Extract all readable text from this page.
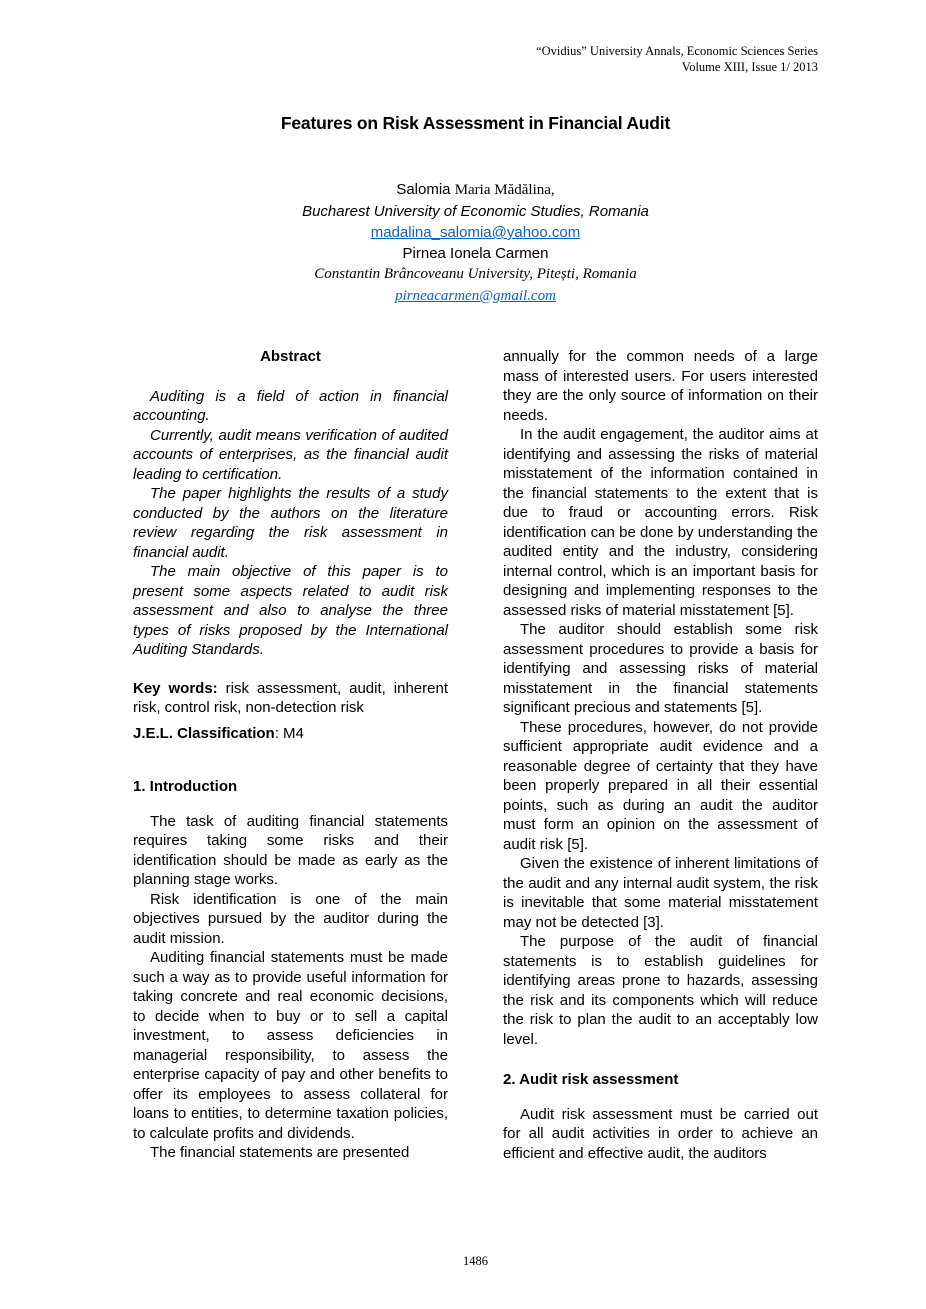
“Ovidius” University Annals, Economic Sciences Series
Volume XIII, Issue 1/ 2013
Features on Risk Assessment in Financial Audit
Salomia Maria Mădălina,
Bucharest University of Economic Studies, Romania
madalina_salomia@yahoo.com
Pirnea Ionela Carmen
Constantin Brâncoveanu University, Pitești, Romania
pirneacarmen@gmail.com
Abstract

Auditing is a field of action in financial accounting.

Currently, audit means verification of audited accounts of enterprises, as the financial audit leading to certification.

The paper highlights the results of a study conducted by the authors on the literature review regarding the risk assessment in financial audit.

The main objective of this paper is to present some aspects related to audit risk assessment and also to analyse the three types of risks proposed by the International Auditing Standards.

Key words: risk assessment, audit, inherent risk, control risk, non-detection risk
J.E.L. Classification: M4
1. Introduction

The task of auditing financial statements requires taking some risks and their identification should be made as early as the planning stage works.

Risk identification is one of the main objectives pursued by the auditor during the audit mission.

Auditing financial statements must be made such a way as to provide useful information for taking concrete and real economic decisions, to decide when to buy or to sell a capital investment, to assess deficiencies in managerial responsibility, to assess the enterprise capacity of pay and other benefits to offer its employees to assess collateral for loans to entities, to determine taxation policies, to calculate profits and dividends.

The financial statements are presented

annually for the common needs of a large mass of interested users. For users interested they are the only source of information on their needs.

In the audit engagement, the auditor aims at identifying and assessing the risks of material misstatement of the information contained in the financial statements to the extent that is due to fraud or accounting errors. Risk identification can be done by understanding the audited entity and the industry, considering internal control, which is an important basis for designing and implementing responses to the assessed risks of material misstatement [5].

The auditor should establish some risk assessment procedures to provide a basis for identifying and assessing risks of material misstatement in the financial statements significant precious and statements [5].

These procedures, however, do not provide sufficient appropriate audit evidence and a reasonable degree of certainty that they have been properly prepared in all their essential points, such as during an audit the auditor must form an opinion on the assessment of audit risk [5].

Given the existence of inherent limitations of the audit and any internal audit system, the risk is inevitable that some material misstatement may not be detected [3].

The purpose of the audit of financial statements is to establish guidelines for identifying areas prone to hazards, assessing the risk and its components which will reduce the risk to plan the audit to an acceptably low level.

2. Audit risk assessment

Audit risk assessment must be carried out for all audit activities in order to achieve an efficient and effective audit, the auditors

1486
